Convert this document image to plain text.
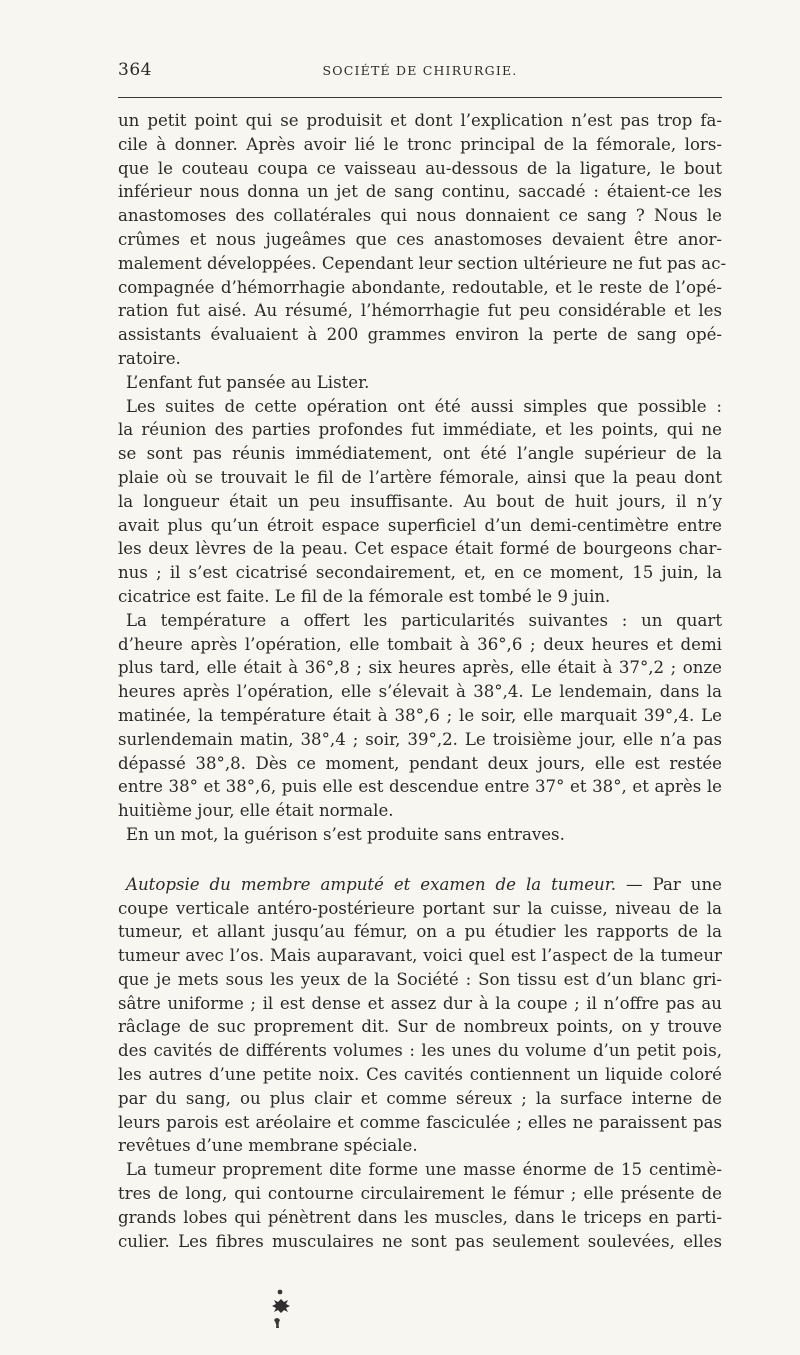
364	SOCIÉTÉ DE CHIRURGIE.
un petit point qui se produisit et dont l’explication n’est pas trop fa-
cile à donner. Après avoir lié le tronc principal de la fémorale, lors-
que le couteau coupa ce vaisseau au-dessous de la ligature, le bout
inférieur nous donna un jet de sang continu, saccadé : étaient-ce les
anastomoses des collatérales qui nous donnaient ce sang ? Nous le
crûmes et nous jugeâmes que ces anastomoses devaient être anor-
malement développées. Cependant leur section ultérieure ne fut pas ac-
compagnée d’hémorrhagie abondante, redoutable, et le reste de l’opé-
ration fut aisé. Au résumé, l’hémorrhagie fut peu considérable et les
assistants évaluaient à 200 grammes environ la perte de sang opé-
ratoire.
L’enfant fut pansée au Lister.
Les suites de cette opération ont été aussi simples que possible :
la réunion des parties profondes fut immédiate, et les points, qui ne
se sont pas réunis immédiatement, ont été l’angle supérieur de la
plaie où se trouvait le fil de l’artère fémorale, ainsi que la peau dont
la longueur était un peu insuffisante. Au bout de huit jours, il n’y
avait plus qu’un étroit espace superficiel d’un demi-centimètre entre
les deux lèvres de la peau. Cet espace était formé de bourgeons char-
nus ; il s’est cicatrisé secondairement, et, en ce moment, 15 juin, la
cicatrice est faite. Le fil de la fémorale est tombé le 9 juin.
La température a offert les particularités suivantes : un quart
d’heure après l’opération, elle tombait à 36°,6 ; deux heures et demi
plus tard, elle était à 36°,8 ; six heures après, elle était à 37°,2 ; onze
heures après l’opération, elle s’élevait à 38°,4. Le lendemain, dans la
matinée, la température était à 38°,6 ; le soir, elle marquait 39°,4. Le
surlendemain matin, 38°,4 ; soir, 39°,2. Le troisième jour, elle n’a pas
dépassé 38°,8. Dès ce moment, pendant deux jours, elle est restée
entre 38° et 38°,6, puis elle est descendue entre 37° et 38°, et après le
huitième jour, elle était normale.
En un mot, la guérison s’est produite sans entraves.
Autopsie du membre amputé et examen de la tumeur. — Par une
coupe verticale antéro-postérieure portant sur la cuisse, niveau de la
tumeur, et allant jusqu’au fémur, on a pu étudier les rapports de la
tumeur avec l’os. Mais auparavant, voici quel est l’aspect de la tumeur
que je mets sous les yeux de la Société : Son tissu est d’un blanc gri-
sâtre uniforme ; il est dense et assez dur à la coupe ; il n’offre pas au
râclage de suc proprement dit. Sur de nombreux points, on y trouve
des cavités de différents volumes : les unes du volume d’un petit pois,
les autres d’une petite noix. Ces cavités contiennent un liquide coloré
par du sang, ou plus clair et comme séreux ; la surface interne de
leurs parois est aréolaire et comme fasciculée ; elles ne paraissent pas
revêtues d’une membrane spéciale.
La tumeur proprement dite forme une masse énorme de 15 centimè-
tres de long, qui contourne circulairement le fémur ; elle présente de
grands lobes qui pénètrent dans les muscles, dans le triceps en parti-
culier. Les fibres musculaires ne sont pas seulement soulevées, elles
